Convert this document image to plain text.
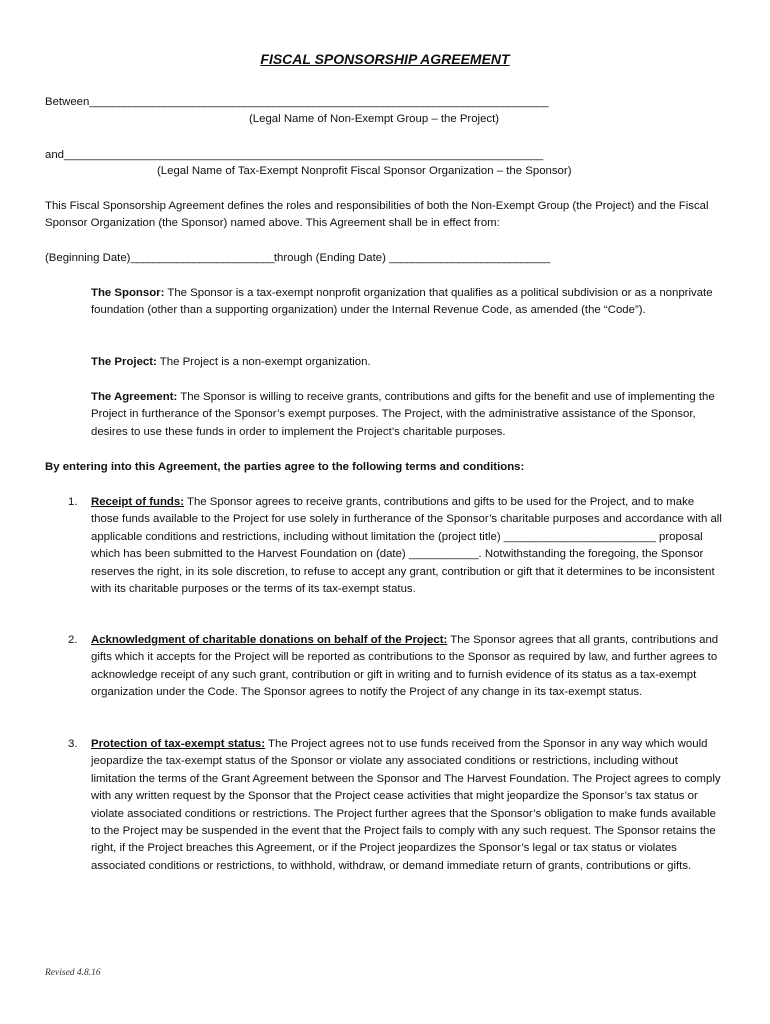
FISCAL SPONSORSHIP AGREEMENT
Between________________________________________________________________________________
(Legal Name of Non-Exempt Group – the Project)
and________________________________________________________________________________
(Legal Name of Tax-Exempt Nonprofit Fiscal Sponsor Organization – the Sponsor)
This Fiscal Sponsorship Agreement defines the roles and responsibilities of both the Non-Exempt Group (the Project) and the Fiscal Sponsor Organization (the Sponsor) named above. This Agreement shall be in effect from:
(Beginning Date)_________________________through (Ending Date) ____________________________
The Sponsor: The Sponsor is a tax-exempt nonprofit organization that qualifies as a political subdivision or as a nonprivate foundation (other than a supporting organization) under the Internal Revenue Code, as amended (the “Code”).
The Project: The Project is a non-exempt organization.
The Agreement: The Sponsor is willing to receive grants, contributions and gifts for the benefit and use of implementing the Project in furtherance of the Sponsor’s exempt purposes. The Project, with the administrative assistance of the Sponsor, desires to use these funds in order to implement the Project’s charitable purposes.
By entering into this Agreement, the parties agree to the following terms and conditions:
1. Receipt of funds: The Sponsor agrees to receive grants, contributions and gifts to be used for the Project, and to make those funds available to the Project for use solely in furtherance of the Sponsor’s charitable purposes and accordance with all applicable conditions and restrictions, including without limitation the (project title) ________________________ proposal which has been submitted to the Harvest Foundation on (date) ___________. Notwithstanding the foregoing, the Sponsor reserves the right, in its sole discretion, to refuse to accept any grant, contribution or gift that it determines to be inconsistent with its charitable purposes or the terms of its tax-exempt status.
2. Acknowledgment of charitable donations on behalf of the Project: The Sponsor agrees that all grants, contributions and gifts which it accepts for the Project will be reported as contributions to the Sponsor as required by law, and further agrees to acknowledge receipt of any such grant, contribution or gift in writing and to furnish evidence of its status as a tax-exempt organization under the Code. The Sponsor agrees to notify the Project of any change in its tax-exempt status.
3. Protection of tax-exempt status: The Project agrees not to use funds received from the Sponsor in any way which would jeopardize the tax-exempt status of the Sponsor or violate any associated conditions or restrictions, including without limitation the terms of the Grant Agreement between the Sponsor and The Harvest Foundation. The Project agrees to comply with any written request by the Sponsor that the Project cease activities that might jeopardize the Sponsor’s tax status or violate associated conditions or restrictions. The Project further agrees that the Sponsor’s obligation to make funds available to the Project may be suspended in the event that the Project fails to comply with any such request. The Sponsor retains the right, if the Project breaches this Agreement, or if the Project jeopardizes the Sponsor’s legal or tax status or violates associated conditions or restrictions, to withhold, withdraw, or demand immediate return of grants, contributions or gifts.
Revised 4.8.16
